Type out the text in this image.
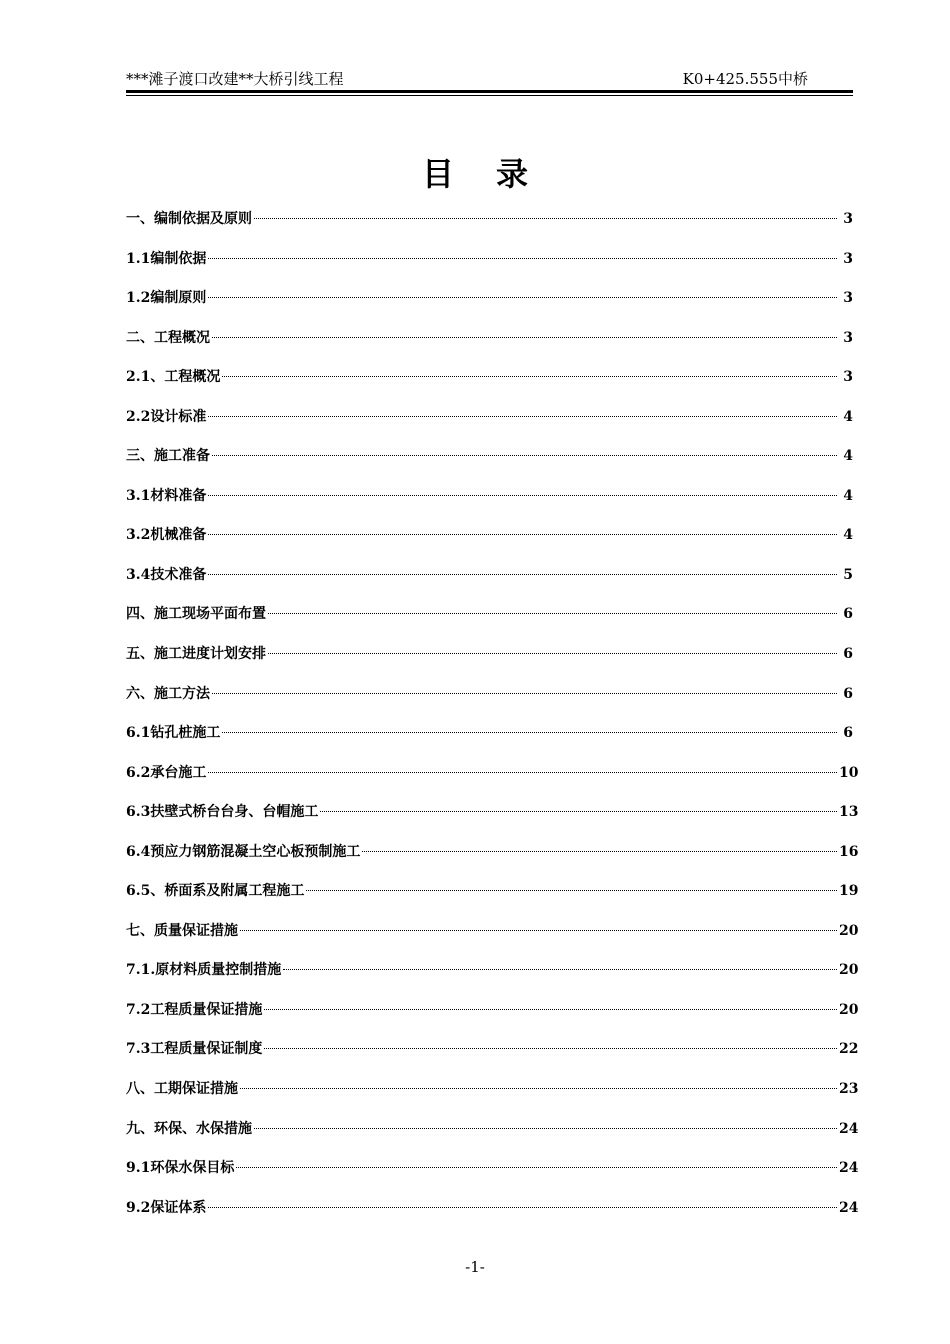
***滩子渡口改建**大桥引线工程	K0+425.555中桥
目录
一、编制依据及原则	3
1.1编制依据	3
1.2编制原则	3
二、工程概况	3
2.1、工程概况	3
2.2设计标准	4
三、施工准备	4
3.1材料准备	4
3.2机械准备	4
3.4技术准备	5
四、施工现场平面布置	6
五、施工进度计划安排	6
六、施工方法	6
6.1钻孔桩施工	6
6.2承台施工	10
6.3扶壁式桥台台身、台帽施工	13
6.4预应力钢筋混凝土空心板预制施工	16
6.5、桥面系及附属工程施工	19
七、质量保证措施	20
7.1.原材料质量控制措施	20
7.2工程质量保证措施	20
7.3工程质量保证制度	22
八、工期保证措施	23
九、环保、水保措施	24
9.1环保水保目标	24
9.2保证体系	24
-1-
